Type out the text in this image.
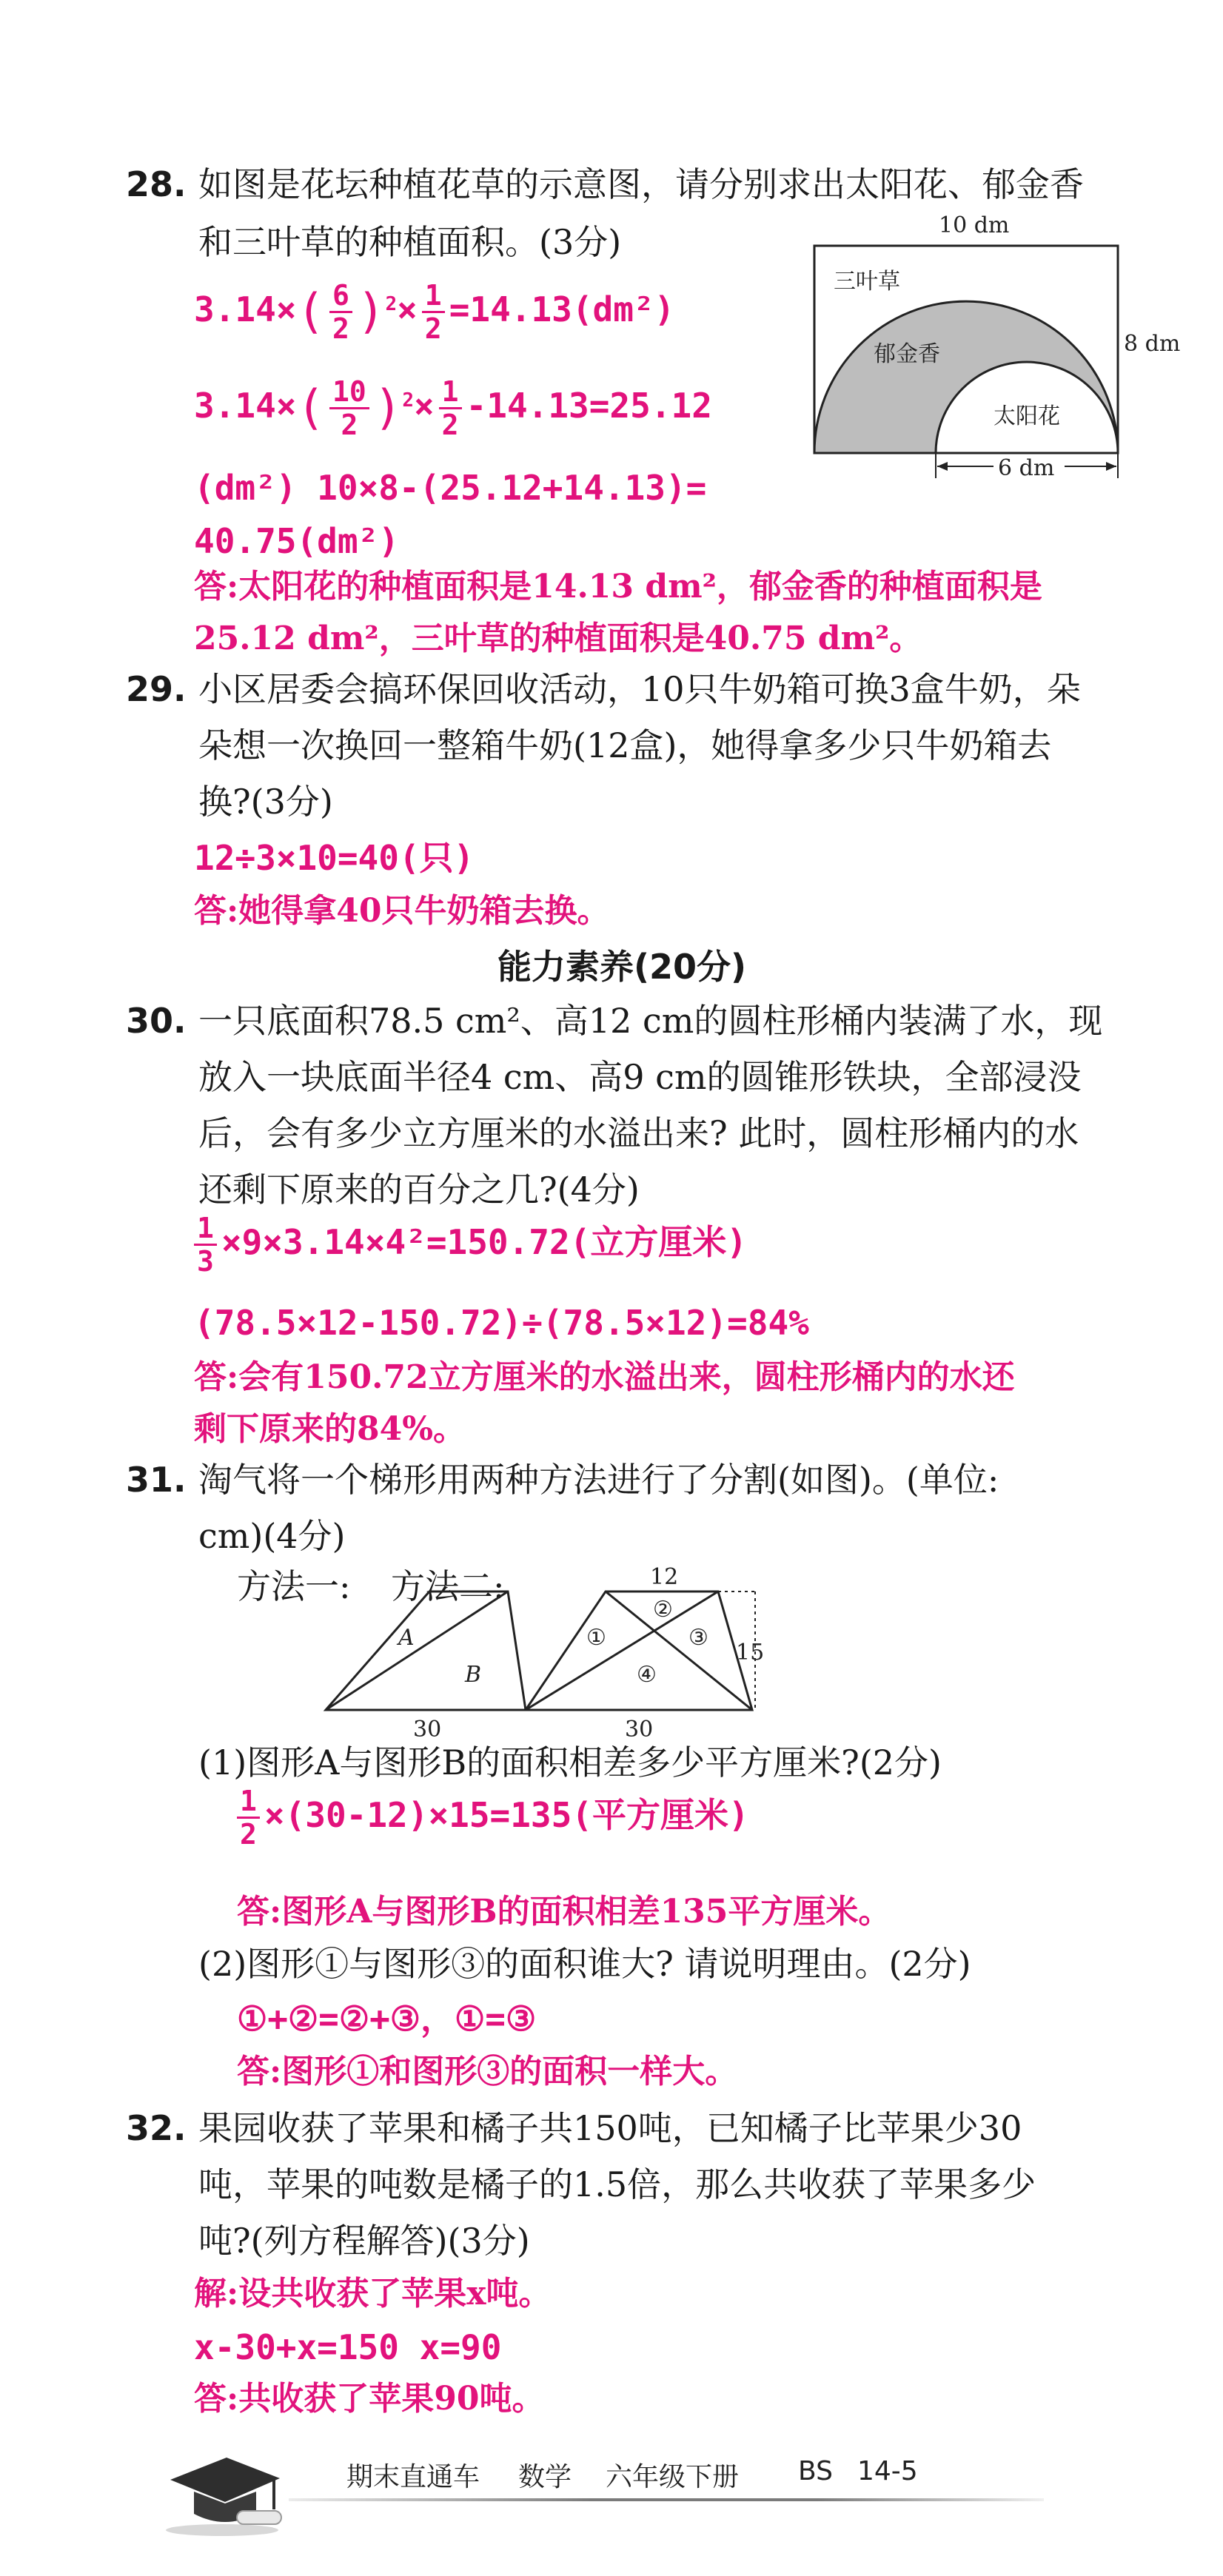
28. 如图是花坛种植花草的示意图，请分别求出太阳花、郁金香
和三叶草的种植面积。(3分)
$3.14\times( \frac{6}{2} )^2\times \frac{1}{2} =14.13(dm^2)$
$3.14\times( \frac{10}{2} )^2\times \frac{1}{2} -14.13=25.12$
(dm²) 10×8-(25.12+14.13)=
40.75(dm²)
答:太阳花的种植面积是14.13 dm²，郁金香的种植面积是
25.12 dm²，三叶草的种植面积是40.75 dm²。
10 dm
三叶草
郁金香
太阳花
8 dm
6 dm
29. 小区居委会搞环保回收活动，10只牛奶箱可换3盒牛奶，朵
朵想一次换回一整箱牛奶(12盒)，她得拿多少只牛奶箱去
换?(3分)
12÷3×10=40(只)
答:她得拿40只牛奶箱去换。
能力素养(20分)
30. 一只底面积78.5 cm²、高12 cm的圆柱形桶内装满了水，现
放入一块底面半径4 cm、高9 cm的圆锥形铁块，全部浸没
后，会有多少立方厘米的水溢出来? 此时，圆柱形桶内的水
还剩下原来的百分之几?(4分)
$\frac{1}{3} \times 9\times 3.14\times 4^2=150.72$(立方厘米)
(78.5×12-150.72)÷(78.5×12)=84%
答:会有150.72立方厘米的水溢出来，圆柱形桶内的水还
剩下原来的84%。
31. 淘气将一个梯形用两种方法进行了分割(如图)。(单位:
cm)(4分)
方法一: 方法二:
A
B
12
15
②
①	③
④
30	30
(1)图形A与图形B的面积相差多少平方厘米?(2分)
$\frac{1}{2} \times(30-12)\times 15=135$(平方厘米)
答:图形A与图形B的面积相差135平方厘米。
(2)图形①与图形③的面积谁大? 请说明理由。(2分)
①+②=②+③，①=③
答:图形①和图形③的面积一样大。
32. 果园收获了苹果和橘子共150吨，已知橘子比苹果少30
吨，苹果的吨数是橘子的1.5倍，那么共收获了苹果多少
吨?(列方程解答)(3分)
解:设共收获了苹果x吨。
x-30+x=150 x=90
答:共收获了苹果90吨。
期末直通车 数学 六年级下册 BS 14-5
